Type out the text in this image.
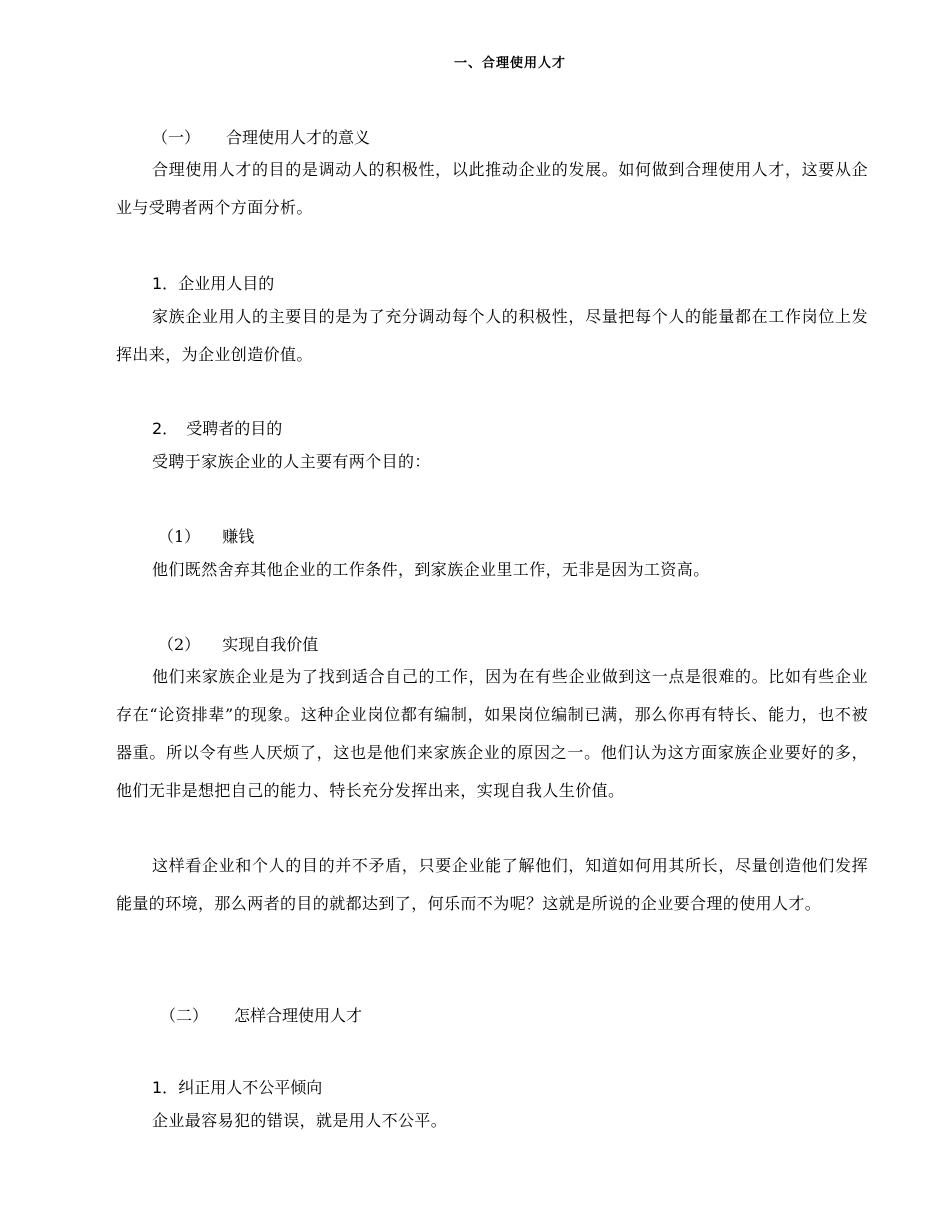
一、合理使用人才
（一） 合理使用人才的意义

合理使用人才的目的是调动人的积极性，以此推动企业的发展。如何做到合理使用人才，这要从企业与受聘者两个方面分析。

1．企业用人目的

家族企业用人的主要目的是为了充分调动每个人的积极性，尽量把每个人的能量都在工作岗位上发挥出来，为企业创造价值。

2． 受聘者的目的

受聘于家族企业的人主要有两个目的：

（1） 赚钱

他们既然舍弃其他企业的工作条件，到家族企业里工作，无非是因为工资高。

（2） 实现自我价值

他们来家族企业是为了找到适合自己的工作，因为在有些企业做到这一点是很难的。比如有些企业存在“论资排辈”的现象。这种企业岗位都有编制，如果岗位编制已满，那么你再有特长、能力，也不被器重。所以令有些人厌烦了，这也是他们来家族企业的原因之一。他们认为这方面家族企业要好的多，他们无非是想把自己的能力、特长充分发挥出来，实现自我人生价值。

这样看企业和个人的目的并不矛盾，只要企业能了解他们，知道如何用其所长，尽量创造他们发挥能量的环境，那么两者的目的就都达到了，何乐而不为呢？这就是所说的企业要合理的使用人才。

（二） 怎样合理使用人才
1．纠正用人不公平倾向

企业最容易犯的错误，就是用人不公平。
